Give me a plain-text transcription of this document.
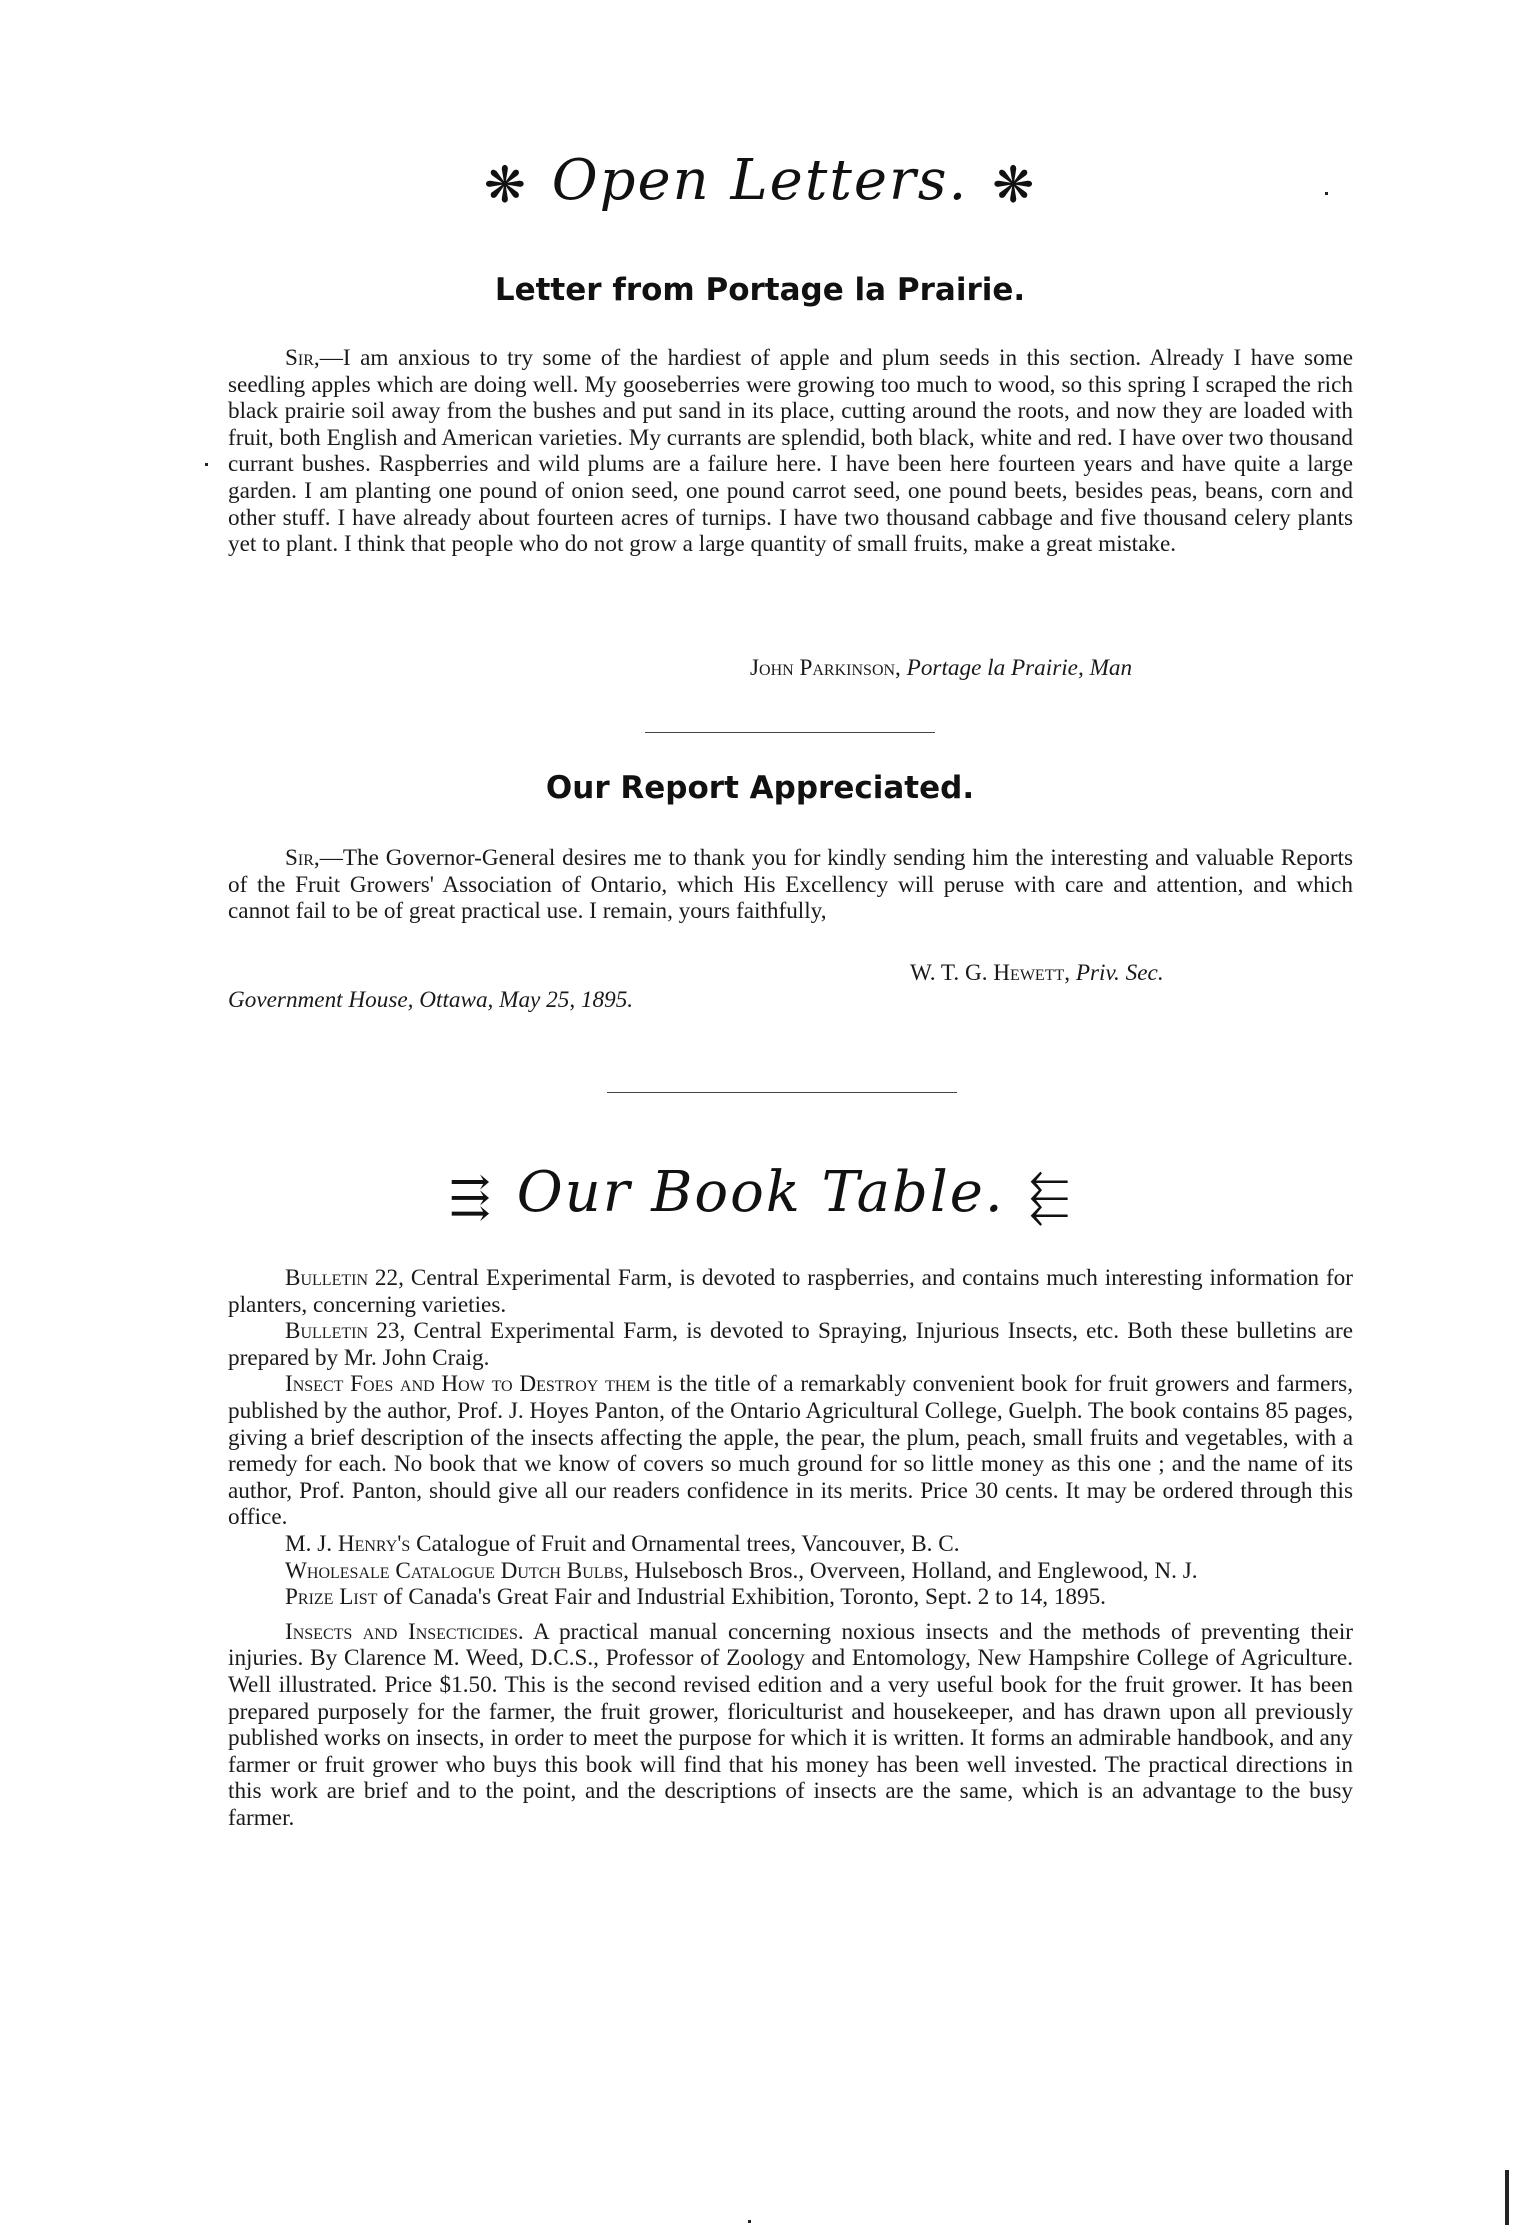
❋ Open Letters. ❋
Letter from Portage la Prairie.

Sir,—I am anxious to try some of the hardiest of apple and plum seeds in this section. Already I have some seedling apples which are doing well. My gooseberries were growing too much to wood, so this spring I scraped the rich black prairie soil away from the bushes and put sand in its place, cutting around the roots, and now they are loaded with fruit, both English and American varieties. My currants are splendid, both black, white and red. I have over two thousand currant bushes. Raspberries and wild plums are a failure here. I have been here fourteen years and have quite a large garden. I am planting one pound of onion seed, one pound carrot seed, one pound beets, besides peas, beans, corn and other stuff. I have already about fourteen acres of turnips. I have two thousand cabbage and five thousand celery plants yet to plant. I think that people who do not grow a large quantity of small fruits, make a great mistake.

John Parkinson, Portage la Prairie, Man
Our Report Appreciated.

Sir,—The Governor-General desires me to thank you for kindly sending him the interesting and valuable Reports of the Fruit Growers' Association of Ontario, which His Excellency will peruse with care and attention, and which cannot fail to be of great practical use. I remain, yours faithfully,

W. T. G. Hewett, Priv. Sec.
Government House, Ottawa, May 25, 1895.
⇶ Our Book Table. ⬱

Bulletin 22, Central Experimental Farm, is devoted to raspberries, and contains much interesting information for planters, concerning varieties.

Bulletin 23, Central Experimental Farm, is devoted to Spraying, Injurious Insects, etc. Both these bulletins are prepared by Mr. John Craig.

Insect Foes and How to Destroy them is the title of a remarkably convenient book for fruit growers and farmers, published by the author, Prof. J. Hoyes Panton, of the Ontario Agricultural College, Guelph. The book contains 85 pages, giving a brief description of the insects affecting the apple, the pear, the plum, peach, small fruits and vegetables, with a remedy for each. No book that we know of covers so much ground for so little money as this one ; and the name of its author, Prof. Panton, should give all our readers confidence in its merits. Price 30 cents. It may be ordered through this office.

M. J. Henry's Catalogue of Fruit and Ornamental trees, Vancouver, B. C.

Wholesale Catalogue Dutch Bulbs, Hulsebosch Bros., Overveen, Holland, and Englewood, N. J.

Prize List of Canada's Great Fair and Industrial Exhibition, Toronto, Sept. 2 to 14, 1895.

Insects and Insecticides. A practical manual concerning noxious insects and the methods of preventing their injuries. By Clarence M. Weed, D.C.S., Professor of Zoology and Entomology, New Hampshire College of Agriculture. Well illustrated. Price $1.50. This is the second revised edition and a very useful book for the fruit grower. It has been prepared purposely for the farmer, the fruit grower, floriculturist and housekeeper, and has drawn upon all previously published works on insects, in order to meet the purpose for which it is written. It forms an admirable handbook, and any farmer or fruit grower who buys this book will find that his money has been well invested. The practical directions in this work are brief and to the point, and the descriptions of insects are the same, which is an advantage to the busy farmer.
